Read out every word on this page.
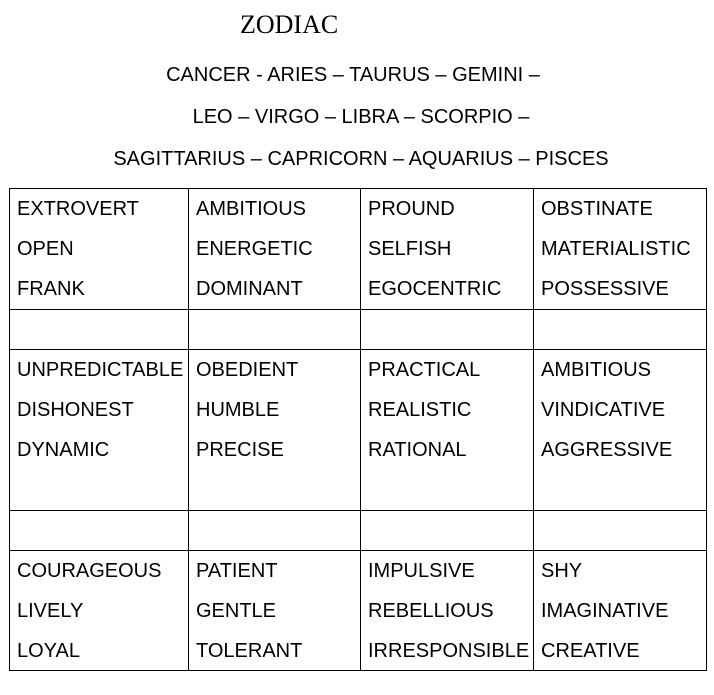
ZODIAC
CANCER - ARIES – TAURUS – GEMINI –
LEO – VIRGO – LIBRA – SCORPIO –
SAGITTARIUS – CAPRICORN – AQUARIUS – PISCES
EXTROVERT
OPEN
FRANK
AMBITIOUS
ENERGETIC
DOMINANT
PROUND
SELFISH
EGOCENTRIC
OBSTINATE
MATERIALISTIC
POSSESSIVE
UNPREDICTABLE
DISHONEST
DYNAMIC
OBEDIENT
HUMBLE
PRECISE
PRACTICAL
REALISTIC
RATIONAL
AMBITIOUS
VINDICATIVE
AGGRESSIVE
COURAGEOUS
LIVELY
LOYAL
PATIENT
GENTLE
TOLERANT
IMPULSIVE
REBELLIOUS
IRRESPONSIBLE
SHY
IMAGINATIVE
CREATIVE
